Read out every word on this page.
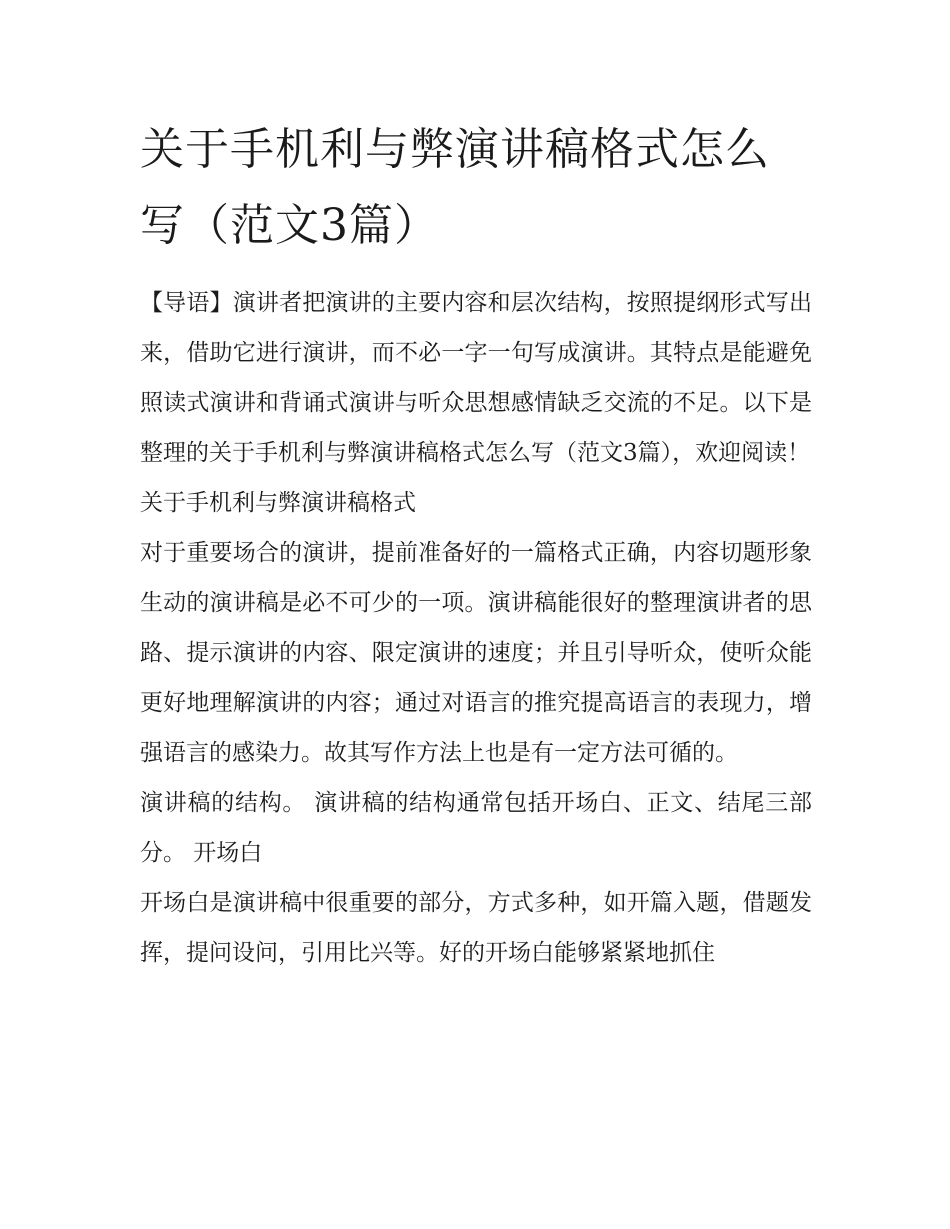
关于手机利与弊演讲稿格式怎么写（范文3篇）

【导语】演讲者把演讲的主要内容和层次结构，按照提纲形式写出来，借助它进行演讲，而不必一字一句写成演讲。其特点是能避免照读式演讲和背诵式演讲与听众思想感情缺乏交流的不足。以下是整理的关于手机利与弊演讲稿格式怎么写（范文3篇），欢迎阅读！

关于手机利与弊演讲稿格式

对于重要场合的演讲，提前准备好的一篇格式正确，内容切题形象生动的演讲稿是必不可少的一项。演讲稿能很好的整理演讲者的思路、提示演讲的内容、限定演讲的速度；并且引导听众，使听众能更好地理解演讲的内容；通过对语言的推究提高语言的表现力，增强语言的感染力。故其写作方法上也是有一定方法可循的。

演讲稿的结构。 演讲稿的结构通常包括开场白、正文、结尾三部分。 开场白

开场白是演讲稿中很重要的部分，方式多种，如开篇入题，借题发挥，提问设问，引用比兴等。好的开场白能够紧紧地抓住
